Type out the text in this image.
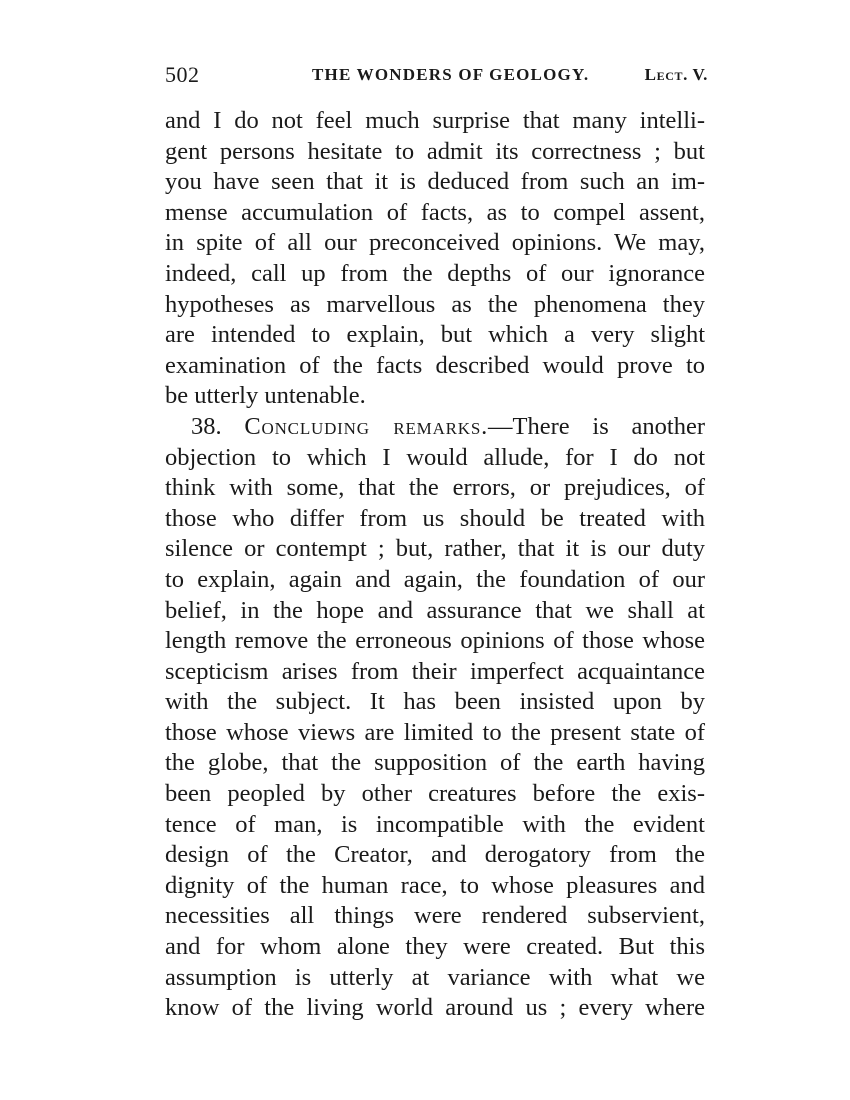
502	THE WONDERS OF GEOLOGY.	Lect. V.
and I do not feel much surprise that many intelli-
gent persons hesitate to admit its correctness ; but
you have seen that it is deduced from such an im-
mense accumulation of facts, as to compel assent,
in spite of all our preconceived opinions. We may,
indeed, call up from the depths of our ignorance
hypotheses as marvellous as the phenomena they
are intended to explain, but which a very slight
examination of the facts described would prove to
be utterly untenable.
38. Concluding remarks.—There is another
objection to which I would allude, for I do not
think with some, that the errors, or prejudices, of
those who differ from us should be treated with
silence or contempt ; but, rather, that it is our duty
to explain, again and again, the foundation of our
belief, in the hope and assurance that we shall at
length remove the erroneous opinions of those whose
scepticism arises from their imperfect acquaintance
with the subject. It has been insisted upon by
those whose views are limited to the present state of
the globe, that the supposition of the earth having
been peopled by other creatures before the exis-
tence of man, is incompatible with the evident
design of the Creator, and derogatory from the
dignity of the human race, to whose pleasures and
necessities all things were rendered subservient,
and for whom alone they were created. But this
assumption is utterly at variance with what we
know of the living world around us ; every where
